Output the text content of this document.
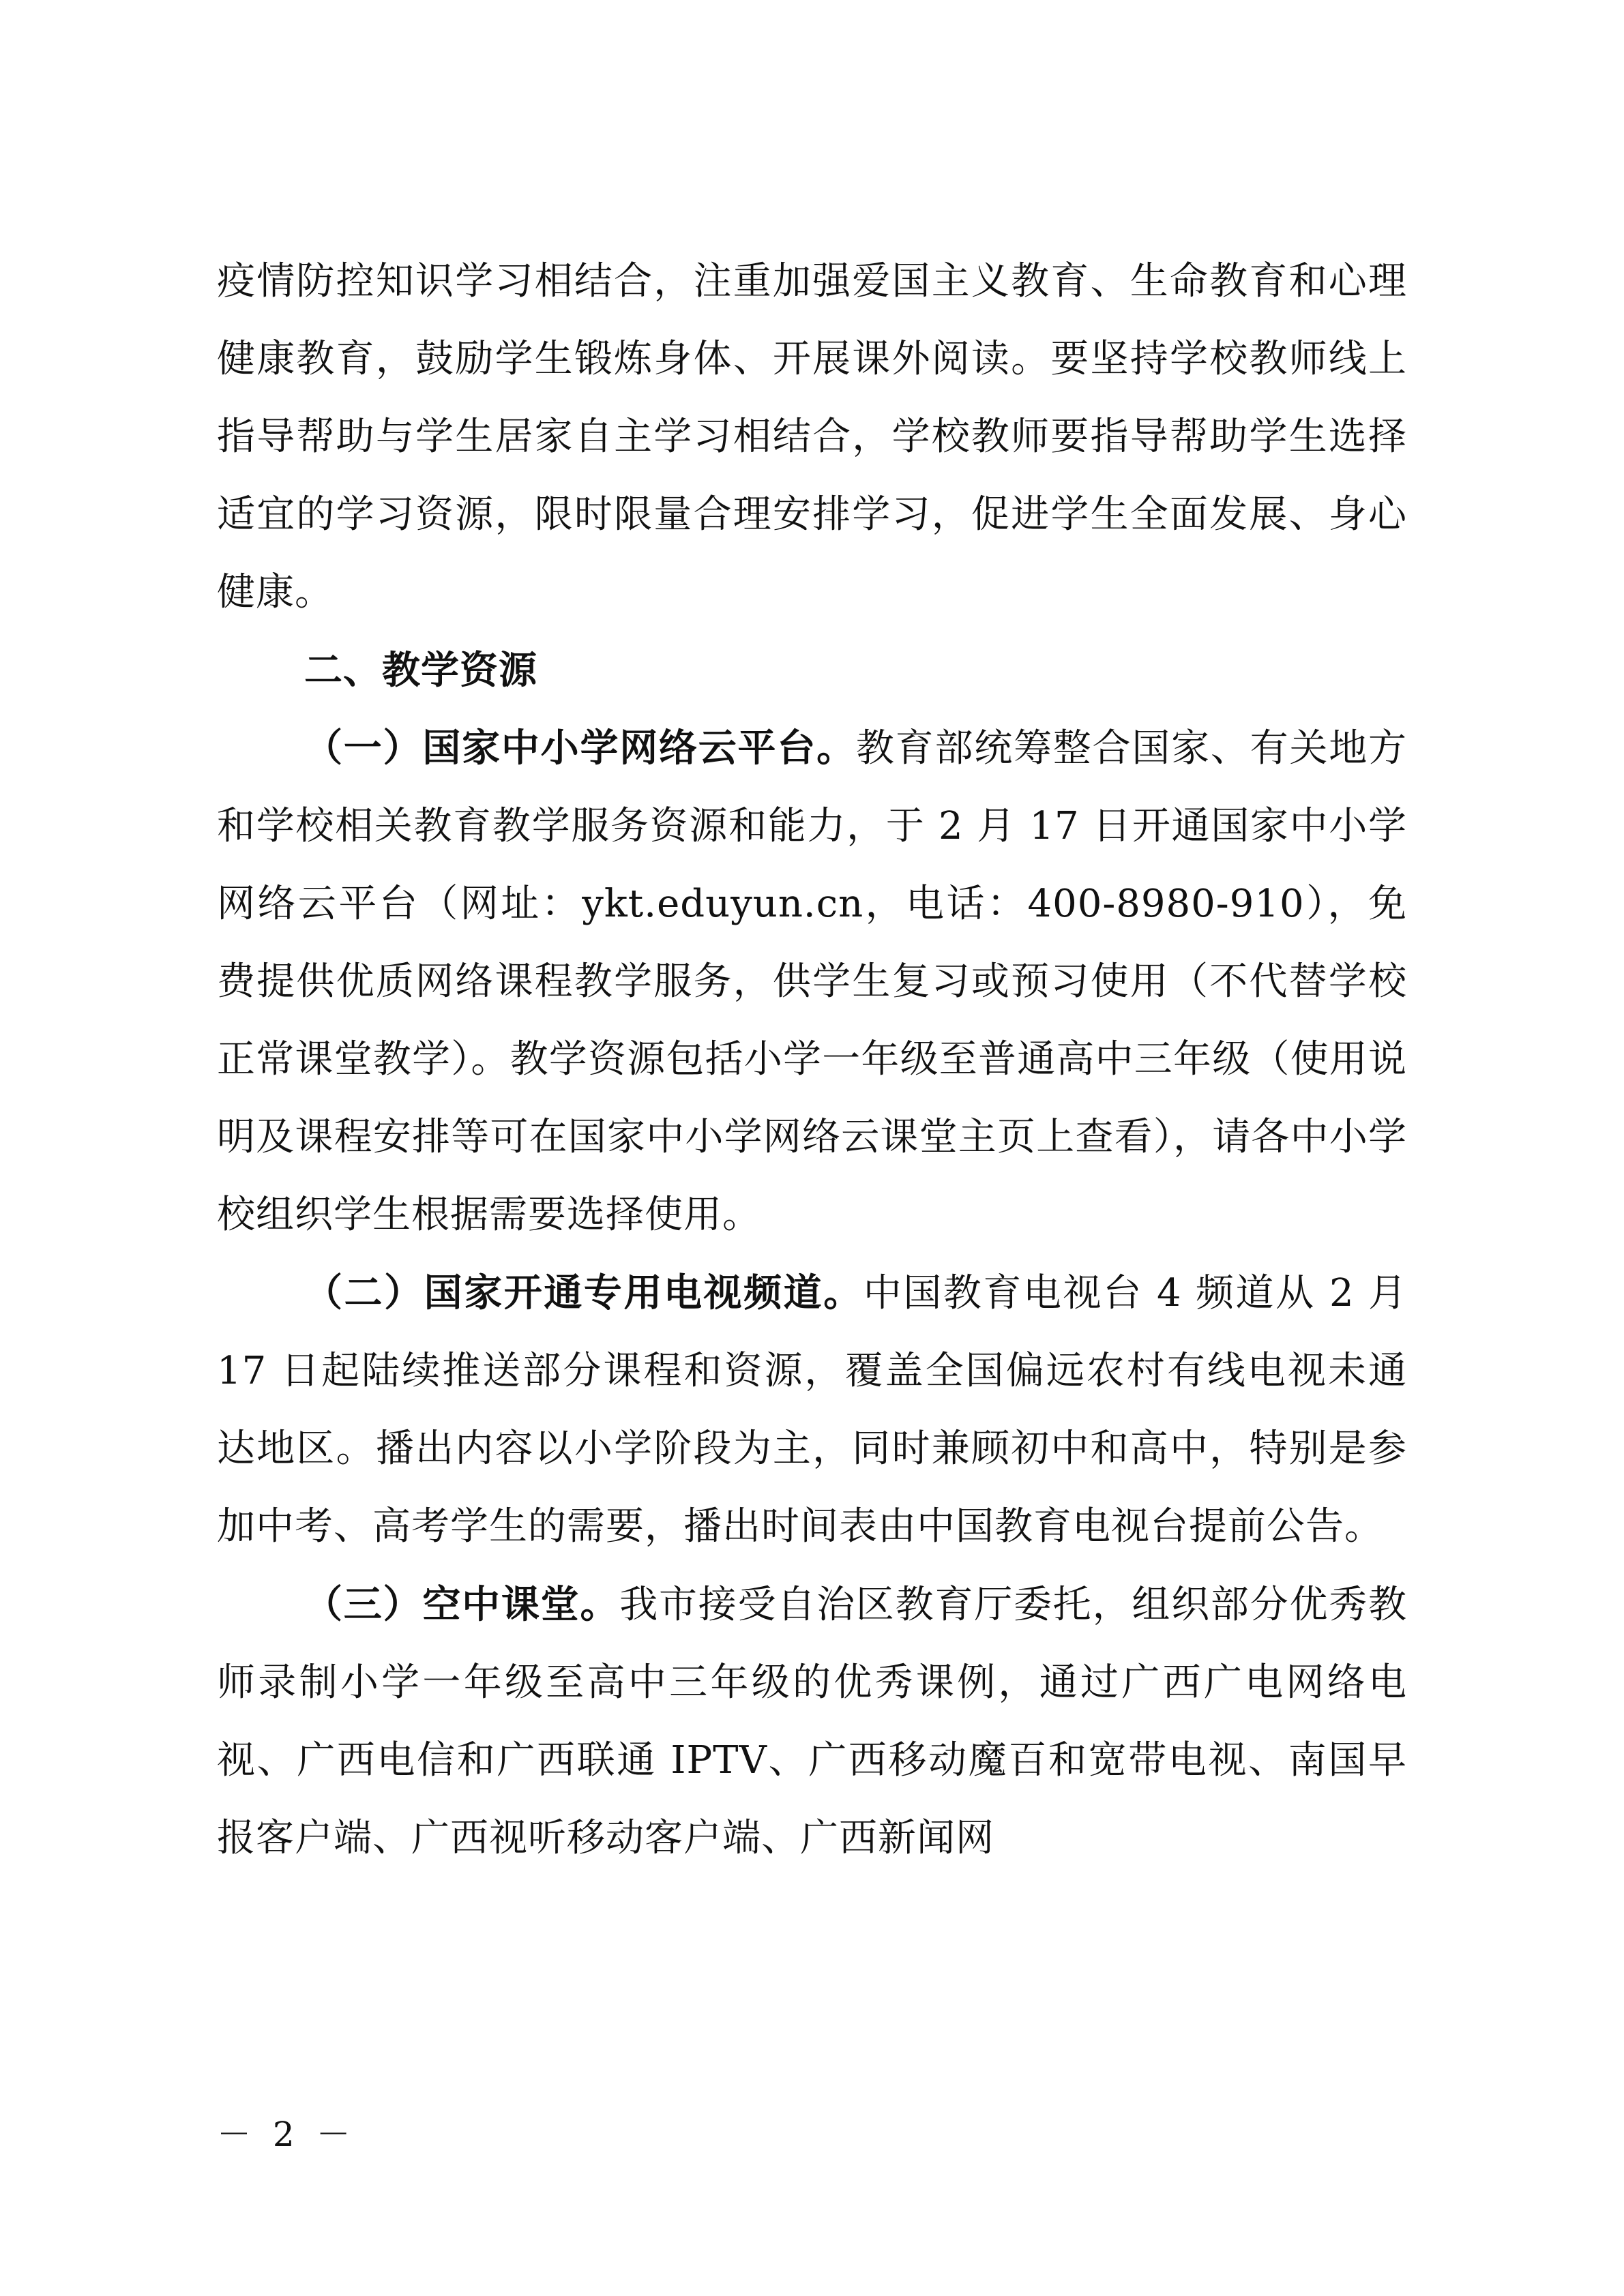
疫情防控知识学习相结合，注重加强爱国主义教育、生命教育和心理健康教育，鼓励学生锻炼身体、开展课外阅读。要坚持学校教师线上指导帮助与学生居家自主学习相结合，学校教师要指导帮助学生选择适宜的学习资源，限时限量合理安排学习，促进学生全面发展、身心健康。

二、教学资源

（一）国家中小学网络云平台。教育部统筹整合国家、有关地方和学校相关教育教学服务资源和能力，于 2 月 17 日开通国家中小学网络云平台（网址：ykt.eduyun.cn，电话：400-8980-910），免费提供优质网络课程教学服务，供学生复习或预习使用（不代替学校正常课堂教学）。教学资源包括小学一年级至普通高中三年级（使用说明及课程安排等可在国家中小学网络云课堂主页上查看），请各中小学校组织学生根据需要选择使用。

（二）国家开通专用电视频道。中国教育电视台 4 频道从 2 月 17 日起陆续推送部分课程和资源，覆盖全国偏远农村有线电视未通达地区。播出内容以小学阶段为主，同时兼顾初中和高中，特别是参加中考、高考学生的需要，播出时间表由中国教育电视台提前公告。

（三）空中课堂。我市接受自治区教育厅委托，组织部分优秀教师录制小学一年级至高中三年级的优秀课例，通过广西广电网络电视、广西电信和广西联通 IPTV、广西移动魔百和宽带电视、南国早报客户端、广西视听移动客户端、广西新闻网

－ 2 －
